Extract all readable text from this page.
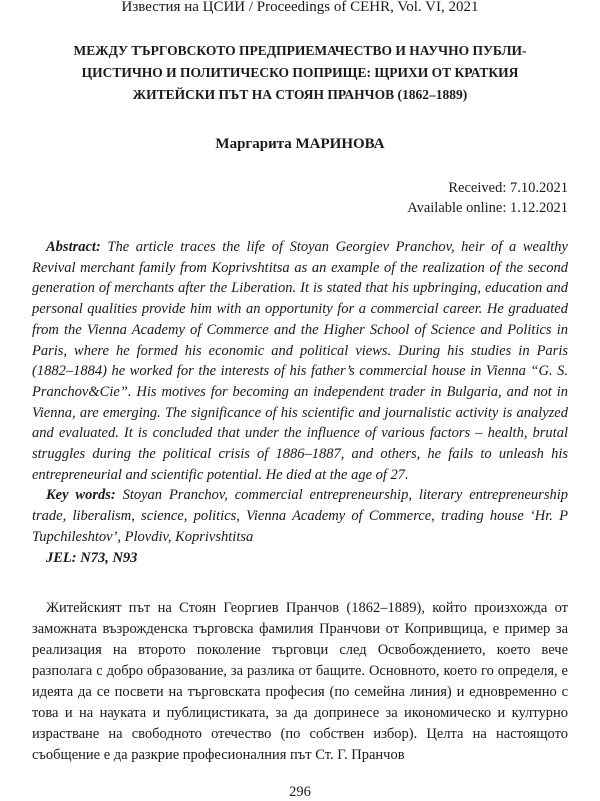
Известия на ЦСИИ / Proceedings of CEHR, Vol. VI, 2021
МЕЖДУ ТЪРГОВСКОТО ПРЕДПРИЕМАЧЕСТВО И НАУЧНО ПУБЛИ-
ЦИСТИЧНО И ПОЛИТИЧЕСКО ПОПРИЩЕ: ЩРИХИ ОТ КРАТКИЯ
ЖИТЕЙСКИ ПЪТ НА СТОЯН ПРАНЧОВ (1862–1889)
Маргарита МАРИНОВА
Received: 7.10.2021
Available online: 1.12.2021

Abstract: The article traces the life of Stoyan Georgiev Pranchov, heir of a wealthy Revival merchant family from Koprivshtitsa as an example of the realization of the second generation of merchants after the Liberation. It is stated that his upbringing, education and personal qualities provide him with an opportunity for a commercial career. He graduated from the Vienna Academy of Commerce and the Higher School of Science and Politics in Paris, where he formed his economic and political views. During his studies in Paris (1882–1884) he worked for the interests of his father’s commercial house in Vienna “G. S. Pranchov&Cie”. His motives for becoming an independent trader in Bulgaria, and not in Vienna, are emerging. The significance of his scientific and journalistic activity is analyzed and evaluated. It is concluded that under the influence of various factors – health, brutal struggles during the political crisis of 1886–1887, and others, he fails to unleash his entrepreneurial and scientific potential. He died at the age of 27.

Key words: Stoyan Pranchov, commercial entrepreneurship, literary entrepreneurship trade, liberalism, science, politics, Vienna Academy of Commerce, trading house ‘Hr. P Tupchileshtov’, Plovdiv, Koprivshtitsa

JEL: N73, N93

Житейският път на Стоян Георгиев Пранчов (1862–1889), който произхожда от заможната възрожденска търговска фамилия Пранчови от Копривщица, е пример за реализация на второто поколение търговци след Освобождението, което вече разполага с добро образование, за разлика от бащите. Основното, което го определя, е идеята да се посвети на търговската професия (по семейна линия) и едновременно с това и на науката и публицистиката, за да допринесе за икономическо и културно израстване на свободното отечество (по собствен избор). Целта на настоящото съобщение е да разкрие професионалния път Ст. Г. Пранчов
296
